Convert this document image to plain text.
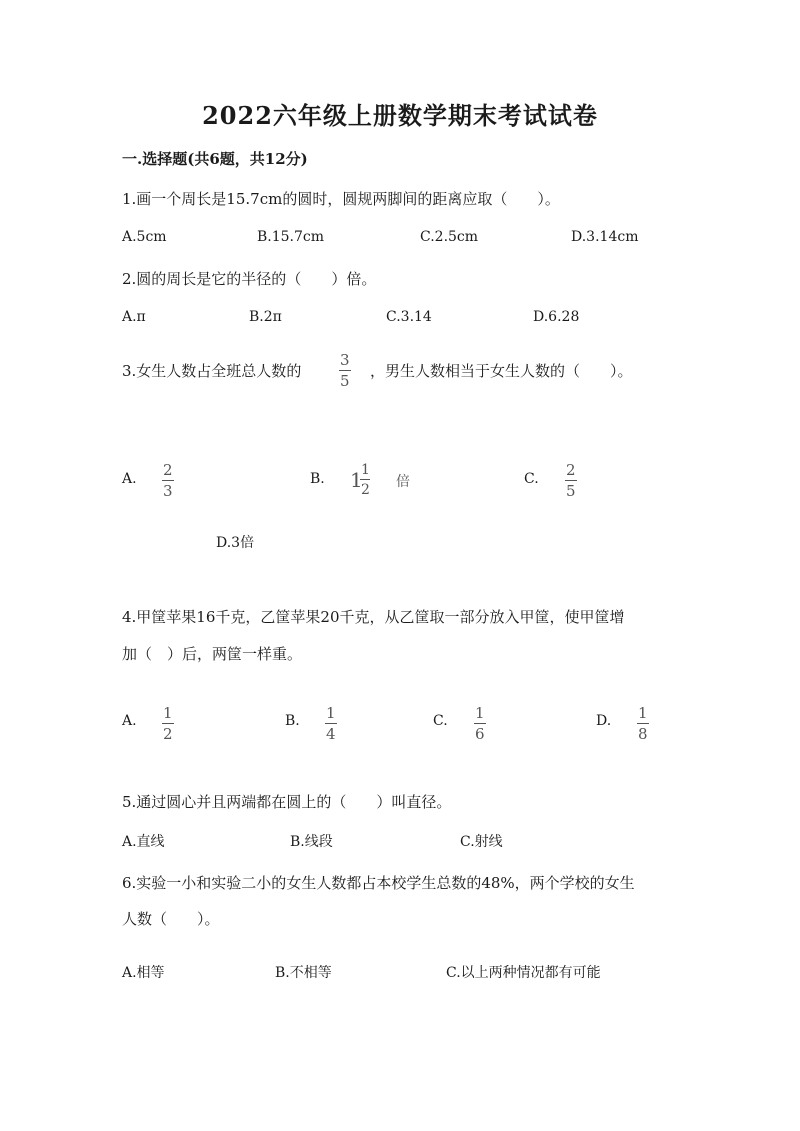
2022六年级上册数学期末考试试卷
一.选择题(共6题，共12分)
1.画一个周长是15.7cm的圆时，圆规两脚间的距离应取（　　）。
A.5cm	B.15.7cm	C.2.5cm	D.3.14cm
2.圆的周长是它的半径的（　　）倍。
A.π	B.2π	C.3.14	D.6.28
3.女生人数占全班总人数的
3
5
，男生人数相当于女生人数的（　　）。
A. 2
3
B. 1
1
2 倍	C. 2
5
D.3倍
4.甲筐苹果16千克，乙筐苹果20千克，从乙筐取一部分放入甲筐，使甲筐增
加（　）后，两筐一样重。
A. 1
2
B. 1
4
C. 1
6
D. 1
8
5.通过圆心并且两端都在圆上的（　　）叫直径。
A.直线	B.线段	C.射线
6.实验一小和实验二小的女生人数都占本校学生总数的48%，两个学校的女生
人数（　　）。
A.相等	B.不相等	C.以上两种情况都有可能
